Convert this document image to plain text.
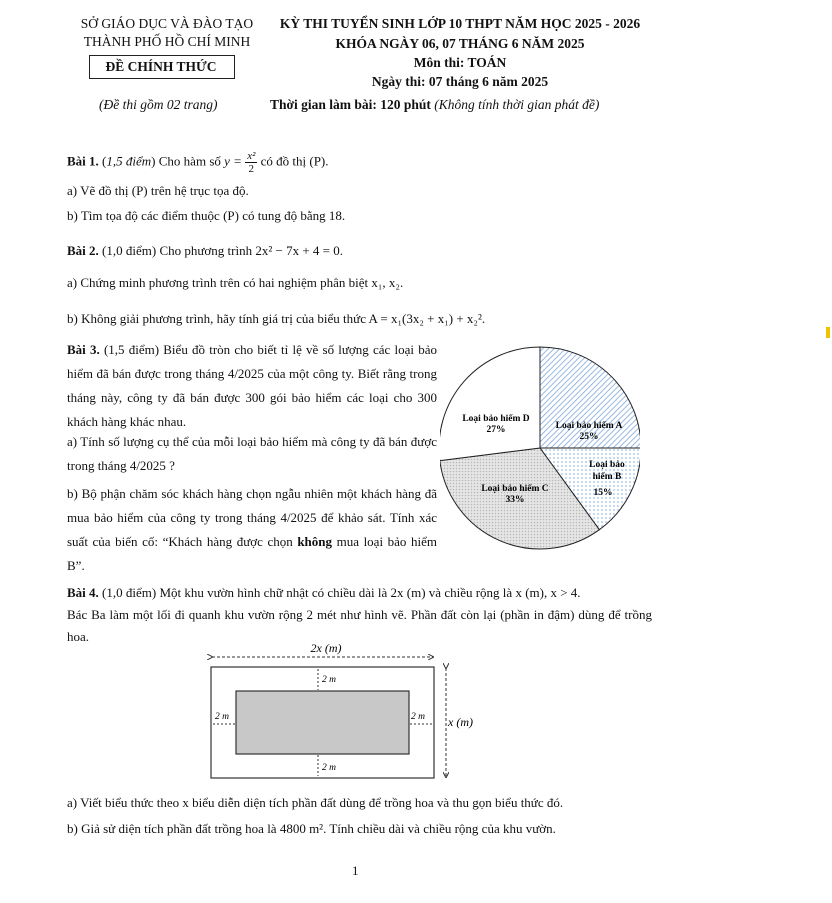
SỞ GIÁO DỤC VÀ ĐÀO TẠO
THÀNH PHỐ HỒ CHÍ MINH
ĐỀ CHÍNH THỨC
(Đề thi gồm 02 trang)
KỲ THI TUYỂN SINH LỚP 10 THPT NĂM HỌC 2025 - 2026
KHÓA NGÀY 06, 07 THÁNG 6 NĂM 2025
Môn thi: TOÁN
Ngày thi: 07 tháng 6 năm 2025
Thời gian làm bài: 120 phút (Không tính thời gian phát đề)
Bài 1. (1,5 điểm) Cho hàm số $y = \frac{\text{x²}}{2}$ có đồ thị (P).
a) Vẽ đồ thị (P) trên hệ trục tọa độ.
b) Tìm tọa độ các điểm thuộc (P) có tung độ bằng 18.
Bài 2. (1,0 điểm) Cho phương trình 2x² − 7x + 4 = 0.
a) Chứng minh phương trình trên có hai nghiệm phân biệt x₁, x₂.
b) Không giải phương trình, hãy tính giá trị của biểu thức A = x₁(3x₂ + x₁) + x₂².
Bài 3. (1,5 điểm) Biểu đồ tròn cho biết tỉ lệ về số lượng các loại bảo hiểm đã bán được trong tháng 4/2025 của một công ty. Biết rằng trong tháng này, công ty đã bán được 300 gói bảo hiểm các loại cho 300 khách hàng khác nhau.
a) Tính số lượng cụ thể của mỗi loại bảo hiểm mà công ty đã bán được trong tháng 4/2025 ?
b) Bộ phận chăm sóc khách hàng chọn ngẫu nhiên một khách hàng đã mua bảo hiểm của công ty trong tháng 4/2025 để khảo sát. Tính xác suất của biến cố: “Khách hàng được chọn không mua loại bảo hiểm B”.
Loại bảo hiểm D
27%	Loại bảo hiểm A
25%
Loại bảo
hiểm B
15%
Loại bảo hiểm C
33%
Bài 4. (1,0 điểm) Một khu vườn hình chữ nhật có chiều dài là 2x (m) và chiều rộng là x (m), x > 4.
Bác Ba làm một lối đi quanh khu vườn rộng 2 mét như hình vẽ. Phần đất còn lại (phần in đậm) dùng để trồng hoa.
2x (m)
x (m)
2 m
2 m
2 m	2 m
a) Viết biểu thức theo x biểu diễn diện tích phần đất dùng để trồng hoa và thu gọn biểu thức đó.
b) Giả sử diện tích phần đất trồng hoa là 4800 m². Tính chiều dài và chiều rộng của khu vườn.
1
